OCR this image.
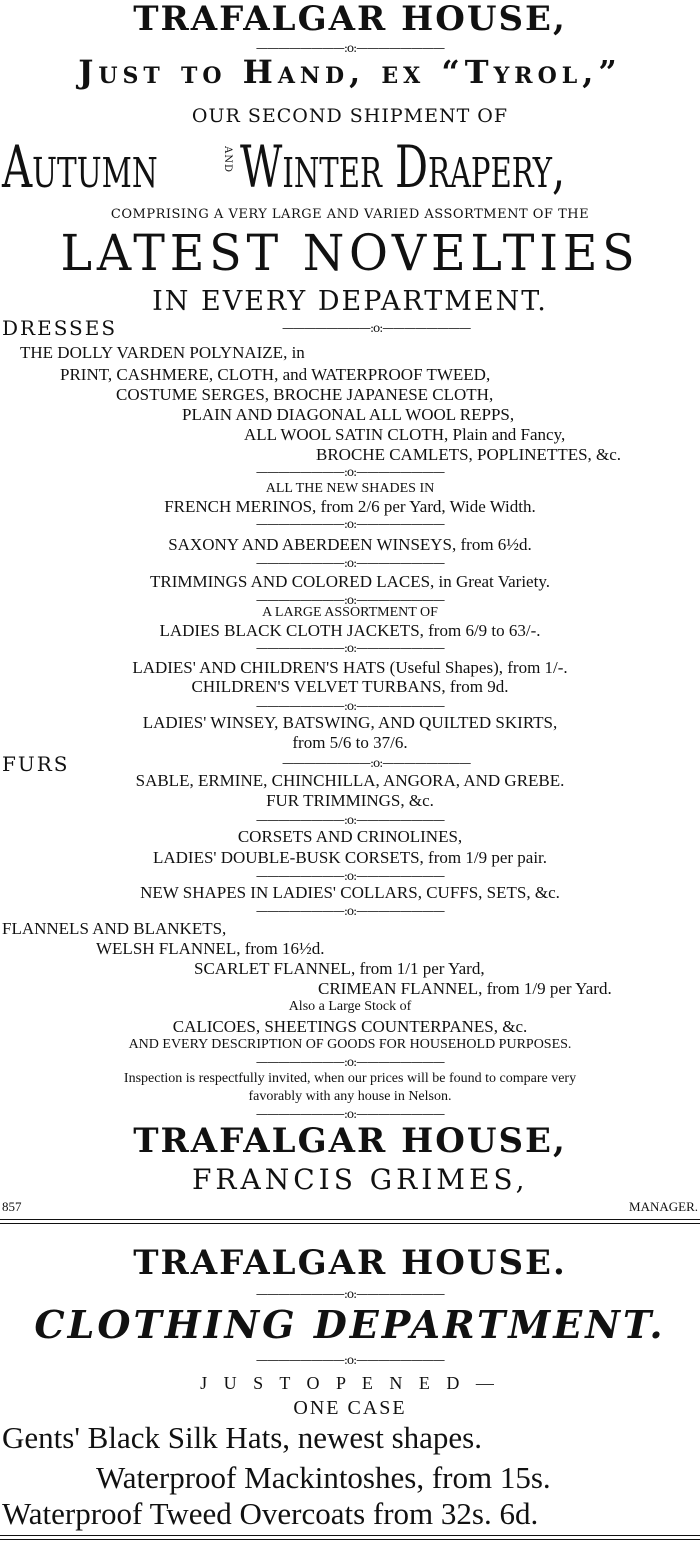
TRAFALGAR HOUSE,
————————:o:————————
Just to Hand, ex “Tyrol,”
OUR SECOND SHIPMENT OF
Autumn	AND Winter Drapery,
COMPRISING A VERY LARGE AND VARIED ASSORTMENT OF THE
LATEST NOVELTIES
IN EVERY DEPARTMENT.
DRESSES	————————:o:————————
THE DOLLY VARDEN POLYNAIZE, in
PRINT, CASHMERE, CLOTH, and WATERPROOF TWEED,
COSTUME SERGES, BROCHE JAPANESE CLOTH,
PLAIN AND DIAGONAL ALL WOOL REPPS,
ALL WOOL SATIN CLOTH, Plain and Fancy,
BROCHE CAMLETS, POPLINETTES, &c.
————————:o:————————
ALL THE NEW SHADES IN
FRENCH MERINOS, from 2/6 per Yard, Wide Width.
————————:o:————————
SAXONY AND ABERDEEN WINSEYS, from 6½d.
————————:o:————————
TRIMMINGS AND COLORED LACES, in Great Variety.
————————:o:————————
A LARGE ASSORTMENT OF
LADIES BLACK CLOTH JACKETS, from 6/9 to 63/-.
————————:o:————————
LADIES' AND CHILDREN'S HATS (Useful Shapes), from 1/-.
CHILDREN'S VELVET TURBANS, from 9d.
————————:o:————————
LADIES' WINSEY, BATSWING, AND QUILTED SKIRTS,
from 5/6 to 37/6.
FURS	————————:o:————————
SABLE, ERMINE, CHINCHILLA, ANGORA, AND GREBE.
FUR TRIMMINGS, &c.
————————:o:————————
CORSETS AND CRINOLINES,
LADIES' DOUBLE-BUSK CORSETS, from 1/9 per pair.
————————:o:————————
NEW SHAPES IN LADIES' COLLARS, CUFFS, SETS, &c.
————————:o:————————
FLANNELS AND BLANKETS,
WELSH FLANNEL, from 16½d.
SCARLET FLANNEL, from 1/1 per Yard,
CRIMEAN FLANNEL, from 1/9 per Yard.
Also a Large Stock of
CALICOES, SHEETINGS COUNTERPANES, &c.
AND EVERY DESCRIPTION OF GOODS FOR HOUSEHOLD PURPOSES.
————————:o:————————
Inspection is respectfully invited, when our prices will be found to compare very
favorably with any house in Nelson.
————————:o:————————
TRAFALGAR HOUSE,
FRANCIS GRIMES,
857	MANAGER.
TRAFALGAR HOUSE.
————————:o:————————
CLOTHING DEPARTMENT.
————————:o:————————
J U S T O P E N E D —
ONE CASE
Gents' Black Silk Hats, newest shapes.
Waterproof Mackintoshes, from 15s.
Waterproof Tweed Overcoats from 32s. 6d.
